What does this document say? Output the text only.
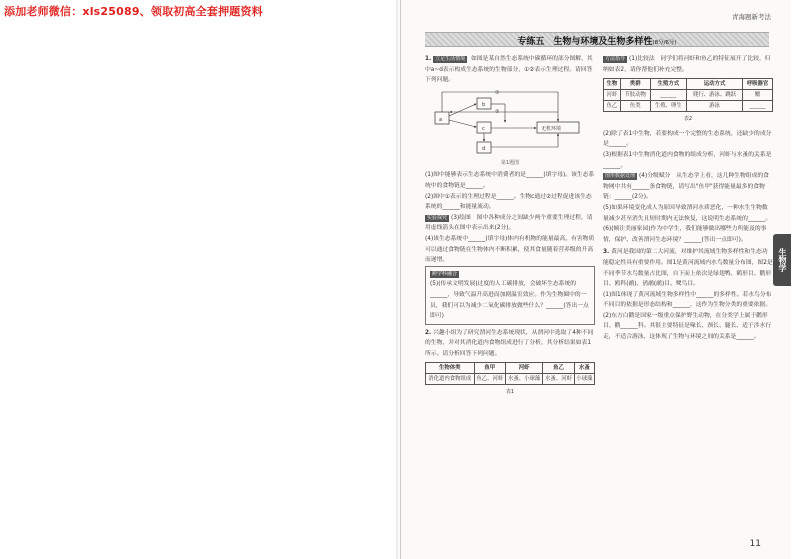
添加老师微信：xls25089、领取初高全套押题资料	青海题新考法
专练五　生物与环境及生物多样性(8分/6分)
1. 立足生活情境 如图是某自然生态系统中碳循环的部分图解，其中a~d表示构成生态系统的生物部分，①②表示生理过程。请回答下列问题。
a
b
c
d
①
②
无机环境
第1题图
(1)图中能够表示生态系统中消费者的是______(填字母)。该生态系统中的食物链是______。
(2)图中①表示的生理过程是______。生物c通过②过程促进该生态系统的______和能量流动。
实验探究 (3)绘图　图中各种成分之间缺少两个重要生理过程，请用虚线箭头在图中表示出来(2分)。
(4)该生态系统中______(填字母)体内有机物的能量最高，有害物质可以通过食物链在生物体内不断积累，使其食量随着营养级的升高而递增。
跨学科融合
(5)(传承文明发展)过度的人工碳排放，会破坏生态系统的______，导致气温升高进而加剧温室效应。作为生物圈中的一员，我们可以为减少二氧化碳排放做些什么？______(答出一点即可)
2. 兴趣小组为了研究渭河生态系统现状，从渭河中选取了4种不同的生物，并对其消化道内食物组成进行了分析，其分析结果如表1所示。请分析回答下列问题。
生物体类	鱼甲	河虾	鱼乙	水蚤
消化道内食物组成	鱼乙、河虾	水蚤、小球藻	水蚤、河虾	小球藻
表1
方法指导 (1)比较法　同学们将河虾和鱼乙的特征展开了比较，归纳如表2，请你帮他们补充完整。
生物	类群	生殖方式	运动方式	呼吸器官
河虾	节肢动物	______	爬行、游泳、跳跃	鳃
鱼乙	鱼类	生殖、卵生	游泳	______
表2
(2)除了表1中生物，若要构成一个完整的生态系统，还缺少的成分是______。
(3)根据表1中生物消化道内食物的组成分析，河虾与水蚤的关系是______。
图形数据处理 (4)分级赋分　从生态学上看，这几种生物组成的食物网中共有______条食物链，请写出"鱼甲"获得能量最多的食物链：______(2分)。
(5)如果环境变化成人为原因导致渭河水质恶化，一种水生生物数量减少甚至消失且短时期内无法恢复，这说明生态系统的______。
(6)(倾注美丽家园)作为中学生，我们能够做出哪些力所能及的事情，保护、改善渭河生态环境？______(答出一点即可)。
3. 黄河是我国的第二大河流，对维护其流域生物多样性和生态功能稳定性具有重要作用。图1是黄河流域内水鸟数量分布图，图2是不同季节水鸟数量占比图，自下而上依次是绿翅鸭、鹤形目、鹳形目、鸥科(鹬)、鸻鹬(鹬)目、鹭鸟目。
(1)图1体现了黄河流域生物多样性中______的多样性。若水鸟分布不同目的依据是形态结构和______，这作为生物分类的重要依据。
(2)东方白鹳是国家一级重点保护野生动物，在分类学上属于鹳形目、鹳______科。其很主要特征是喙长、颈长、腿长、适于涉水行走，不适合游泳，这体现了生物与环境之间的关系是______。
生物学
11
